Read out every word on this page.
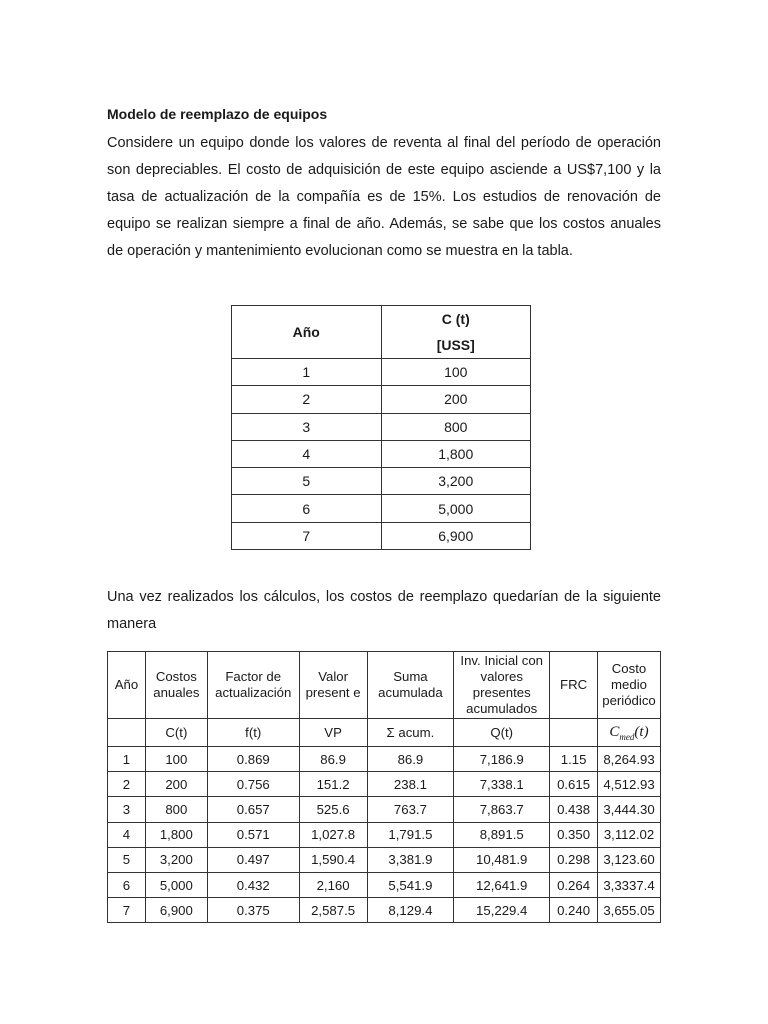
Modelo de reemplazo de equipos
Considere un equipo donde los valores de reventa al final del período de operación son depreciables. El costo de adquisición de este equipo asciende a US$7,100 y la tasa de actualización de la compañía es de 15%. Los estudios de renovación de equipo se realizan siempre a final de año. Además, se sabe que los costos anuales de operación y mantenimiento evolucionan como se muestra en la tabla.
Año	C (t)
[USS]
1	100
2	200
3	800
4	1,800
5	3,200
6	5,000
7	6,900
Una vez realizados los cálculos, los costos de reemplazo quedarían de la siguiente manera
Año	Costos anuales	Factor de actualización	Valor present e	Suma acumulada	Inv. Inicial con valores presentes acumulados	FRC	Costo medio periódico
	C(t)	f(t)	VP	Σ acum.	Q(t)		$C_{med}(t)$
1	100	0.869	86.9	86.9	7,186.9	1.15	8,264.93
2	200	0.756	151.2	238.1	7,338.1	0.615	4,512.93
3	800	0.657	525.6	763.7	7,863.7	0.438	3,444.30
4	1,800	0.571	1,027.8	1,791.5	8,891.5	0.350	3,112.02
5	3,200	0.497	1,590.4	3,381.9	10,481.9	0.298	3,123.60
6	5,000	0.432	2,160	5,541.9	12,641.9	0.264	3,3337.4
7	6,900	0.375	2,587.5	8,129.4	15,229.4	0.240	3,655.05
